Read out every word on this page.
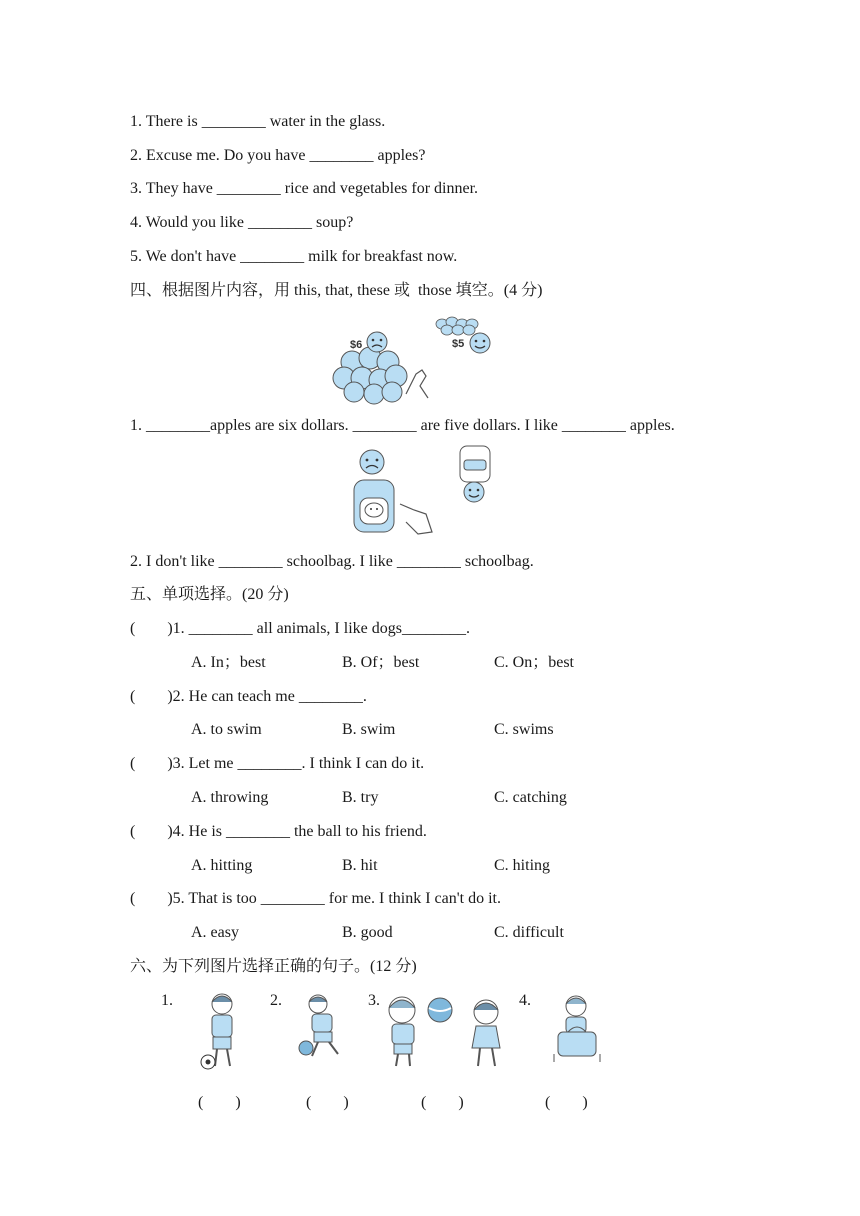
1. There is ________ water in the glass.
2. Excuse me. Do you have ________ apples?
3. They have ________ rice and vegetables for dinner.
4. Would you like ________ soup?
5. We don't have ________ milk for breakfast now.
四、根据图片内容，用 this, that, these 或  those 填空。(4 分)
$6	$5
1. ________apples are six dollars. ________ are five dollars. I like ________ apples.
2. I don't like ________ schoolbag. I like ________ schoolbag.
五、单项选择。(20 分)
(        )1. ________ all animals, I like dogs________.
A. In；best	B. Of；best	C. On；best
(        )2. He can teach me ________.
A. to swim	B. swim	C. swims
(        )3. Let me ________. I think I can do it.
A. throwing	B. try	C. catching
(        )4. He is ________ the ball to his friend.
A. hitting	B. hit	C. hiting
(        )5. That is too ________ for me. I think I can't do it.
A. easy	B. good	C. difficult
六、为下列图片选择正确的句子。(12 分)
1.	2.	3.	4.
(        )	(        )	(        )	(        )
